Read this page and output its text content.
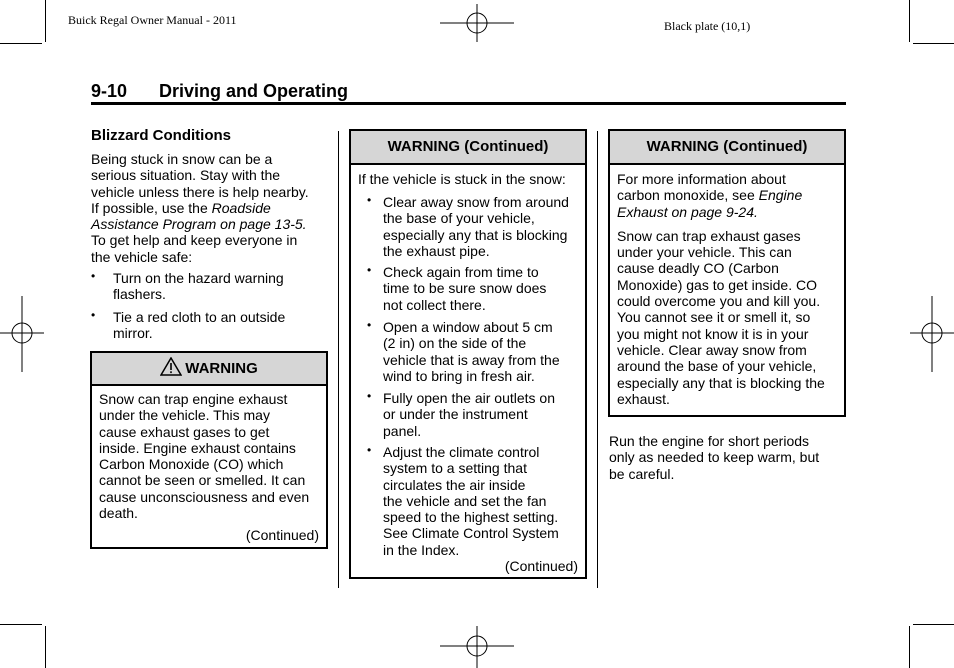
Buick Regal Owner Manual - 2011	Black plate (10,1)
9-10 Driving and Operating
Blizzard Conditions
Being stuck in snow can be a
serious situation. Stay with the
vehicle unless there is help nearby.
If possible, use the Roadside
Assistance Program on page 13-5.
To get help and keep everyone in
the vehicle safe:
• Turn on the hazard warning
flashers.
• Tie a red cloth to an outside
mirror.
WARNING
Snow can trap engine exhaust
under the vehicle. This may
cause exhaust gases to get
inside. Engine exhaust contains
Carbon Monoxide (CO) which
cannot be seen or smelled. It can
cause unconsciousness and even
death.
(Continued)
WARNING (Continued)
If the vehicle is stuck in the snow:
• Clear away snow from around
the base of your vehicle,
especially any that is blocking
the exhaust pipe.
• Check again from time to
time to be sure snow does
not collect there.
• Open a window about 5 cm
(2 in) on the side of the
vehicle that is away from the
wind to bring in fresh air.
• Fully open the air outlets on
or under the instrument
panel.
• Adjust the climate control
system to a setting that
circulates the air inside
the vehicle and set the fan
speed to the highest setting.
See Climate Control System
in the Index.
(Continued)
WARNING (Continued)
For more information about
carbon monoxide, see Engine
Exhaust on page 9-24.
Snow can trap exhaust gases
under your vehicle. This can
cause deadly CO (Carbon
Monoxide) gas to get inside. CO
could overcome you and kill you.
You cannot see it or smell it, so
you might not know it is in your
vehicle. Clear away snow from
around the base of your vehicle,
especially any that is blocking the
exhaust.
Run the engine for short periods
only as needed to keep warm, but
be careful.
